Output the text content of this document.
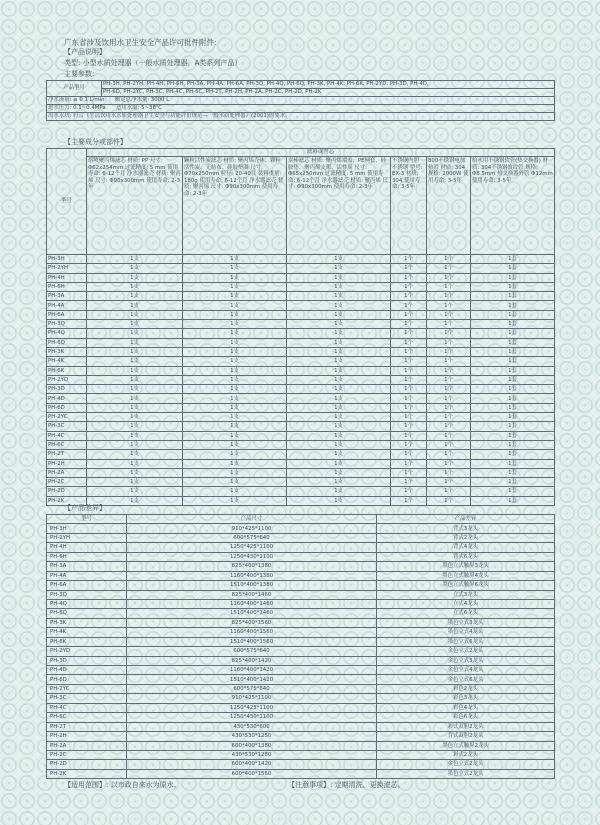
广东省涉及饮用水卫生安全产品许可批件附件:
【产品说明】
类型: 小型水质处理器（一般水质处理器，A类系列产品）
主要参数:
产品型号	PH-3H, PH-2YH, PH-4H, PH-6H, PH-3A, PH-4A, PH-6A, PH-3Q, PH-4Q, PH-6Q, PH-3K, PH-4K, PH-6K, PH-2YD, PH-3D, PH-4D,
PH-6D, PH-2YC, PH-3C, PH-4C, PH-6C, PH-2T, PH-2H, PH-2A, PH-2C, PH-2D, PH-2K
净水流量: ≤ 0.1 L/min 额定总净水量: 3000 L
进水压力: 0.1~0.4MPa 适用水温: 5~38℃
出水水质: 符合《生活饮用水水质处理器卫生安全与功能评价规范—一般水质处理器》(2001)的要求。
【主要成分或部件】
型号	滤料或内芯					
	熔喷聚丙烯滤芯 材质: PP 尺寸: Φ62x254mm 过滤精度: 5 mm 使用寿命: 6-12个月 净水器滤壳 材质: 聚丙烯 尺寸: Φ90x300mm 使用寿命: 2-3年	颗粒活性炭滤芯 材质: 聚丙烯壳体、颗粒活性炭、无纺布、硅胶垫圈 尺寸: Φ70x250mm 粒径: 20-40目 装料重量: 180g 使用寿命: 6-12个月 净水器滤壳 材质: 聚丙烯 尺寸: Φ90x300mm 使用寿命: 2-3年	炭棒滤芯 材质: 聚丙烯端盖、PE网套、硅胶垫、聚丙烯支架、活性炭 尺寸: Φ65x250mm 过滤精度: 5 mm 使用寿命: 6-12个月 净水器滤壳 材质: 聚丙烯 尺寸: Φ90x300mm 使用寿命: 2-3年	不锈钢内胆 不锈钢 型号: EX-3 材质: 304 使用寿命: 3-5年	800不锈钢电加热管 材质: 304 规格: 2000W 使用寿命: 3-5年	给水用不锈钢软管(热交换器) 材质: 304不锈钢波纹管 规格: Φ8.5mm 热交换器外管 Φ12mm 使用寿命: 3-5年
PH-3H	1支	1支	1支	1个	1个	1套
PH-2YH	1支	1支	1支	1个	1个	1套
PH-4H	1支	1支	1支	1个	1个	1套
PH-6H	1支	1支	1支	1个	1个	1套
PH-3A	1支	1支	1支	1个	1个	1套
PH-4A	1支	1支	1支	1个	1个	1套
PH-6A	1支	1支	1支	1个	1个	1套
PH-3Q	1支	1支	1支	1个	1个	1套
PH-4Q	1支	1支	1支	1个	1个	1套
PH-6Q	1支	1支	1支	1个	1个	1套
PH-3K	1支	1支	1支	1个	1个	1套
PH-4K	1支	1支	1支	1个	1个	1套
PH-6K	1支	1支	1支	1个	1个	1套
PH-2YD	1支	1支	1支	1个	1个	1套
PH-3D	1支	1支	1支	1个	1个	1套
PH-4D	1支	1支	1支	1个	1个	1套
PH-6D	1支	1支	1支	1个	1个	1套
PH-2YC	1支	1支	1支	1个	1个	1套
PH-3C	1支	1支	1支	1个	1个	1套
PH-4C	1支	1支	1支	1个	1个	1套
PH-6C	1支	1支	1支	1个	1个	1套
PH-2T	1支	1支	1支	1个	1个	1套
PH-2H	1支	1支	1支	1个	1个	1套
PH-2A	1支	1支	1支	1个	1个	1套
PH-2C	1支	1支	1支	1个	1个	1套
PH-2D	1支	1支	1支	1个	1个	1套
PH-2K	1支	1支	1支	1个	1个	1套
【产品差异】
型号	产品尺寸	产品差异
PH-3H	910*425*1100	背式3龙头
PH-2YH	600*575*640	背式2龙头
PH-4H	1250*425*1100	背式4龙头
PH-6H	1250*430*1100	背式6龙头
PH-3A	825*400*1380	墨色立式触屏3龙头
PH-4A	1160*400*1380	墨色立式触屏4龙头
PH-6A	1510*400*1380	墨色立式触屏6龙头
PH-3Q	825*400*1460	立式3龙头
PH-4Q	1160*400*1460	立式4龙头
PH-6Q	1510*400*1460	立式6龙头
PH-3K	825*400*1560	墨色立式3龙头
PH-4K	1160*400*1560	墨色立式4龙头
PH-6K	1510*400*1560	墨色立式6龙头
PH-2YD	600*575*640	金色立式2龙头
PH-3D	825*400*1420	金色立式3龙头
PH-4D	1160*400*1420	金色立式4龙头
PH-6D	1510*400*1420	金色立式6龙头
PH-2YC	600*575*640	彩色2龙头
PH-3C	910*425*1100	彩色3龙头
PH-4C	1250*425*1100	彩色4龙头
PH-6C	1250*430*1100	彩色6龙头
PH-2T	430*530*600	彩式双胆2龙头
PH-2H	430*530*1250	背式双胆2龙头
PH-2A	600*400*1380	墨色立式触屏2龙头
PH-2C	430*530*1280	彩式2龙头
PH-2D	600*400*1420	金色立式2龙头
PH-2K	600*400*1560	墨色立式2龙头
【适用范围】: 以市政自来水为原水。	【注意事项】: 定期清洗、更换滤芯。
